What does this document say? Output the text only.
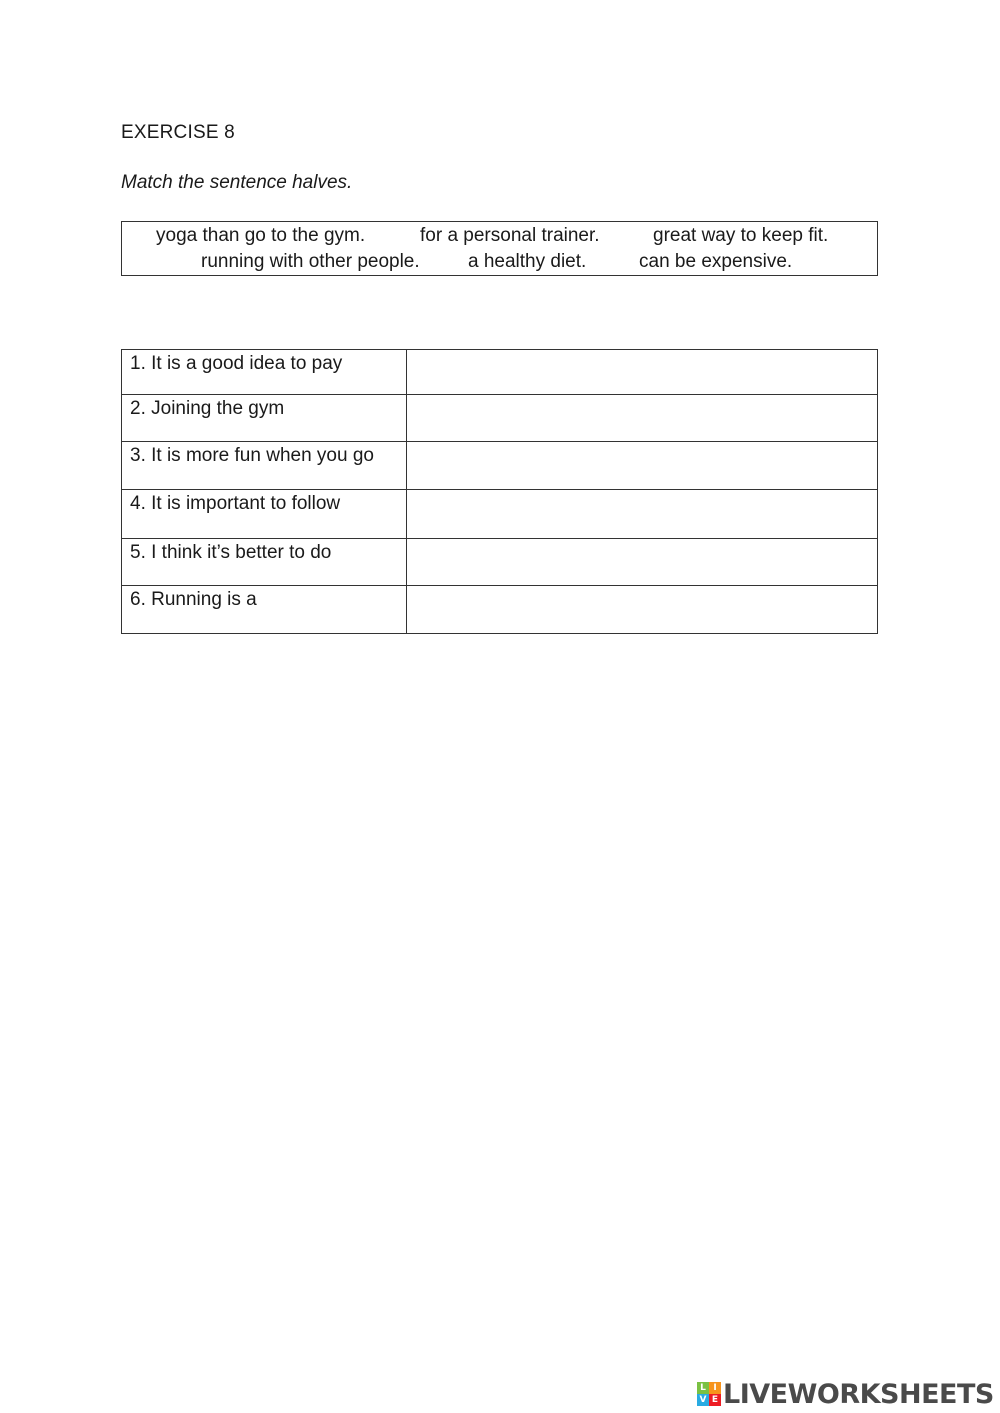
EXERCISE 8
Match the sentence halves.
yoga than go to the gym.	for a personal trainer.	great way to keep fit.
running with other people.	a healthy diet.	can be expensive.
1. It is a good idea to pay	
2. Joining the gym	
3. It is more fun when you go	
4. It is important to follow	
5. I think it’s better to do	
6. Running is a	
L I
V E LIVEWORKSHEETS
